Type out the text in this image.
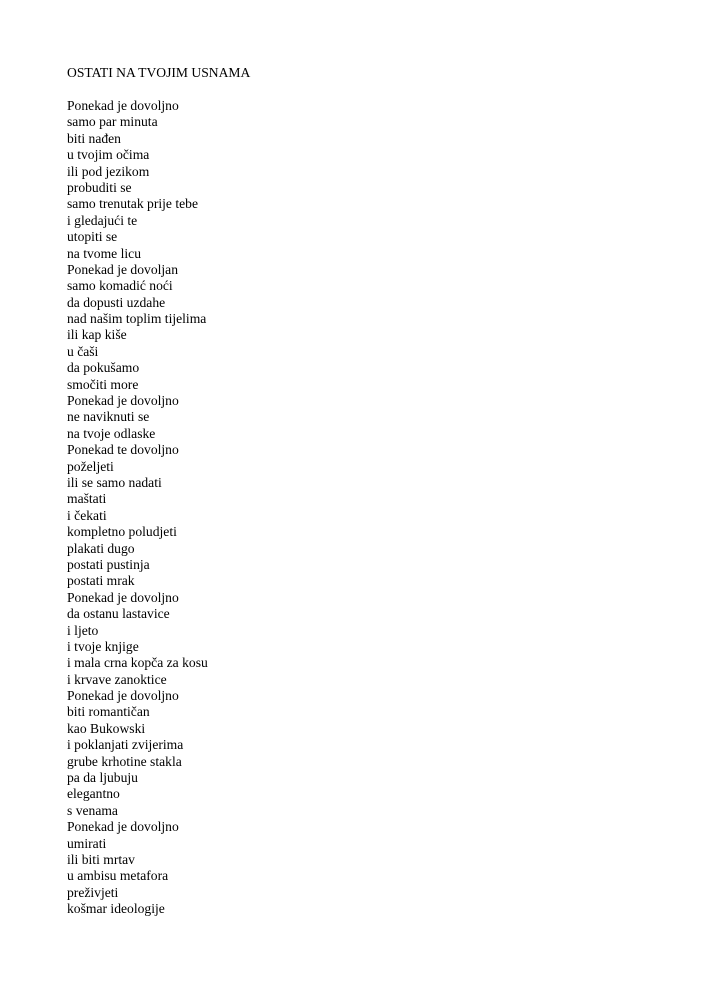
OSTATI NA TVOJIM USNAMA
Ponekad je dovoljno
samo par minuta
biti nađen
u tvojim očima
ili pod jezikom
probuditi se
samo trenutak prije tebe
i gledajući te
utopiti se
na tvome licu
Ponekad je dovoljan
samo komadić noći
da dopusti uzdahe
nad našim toplim tijelima
ili kap kiše
u čaši
da pokušamo
smočiti more
Ponekad je dovoljno
ne naviknuti se
na tvoje odlaske
Ponekad te dovoljno
poželjeti
ili se samo nadati
maštati
i čekati
kompletno poludjeti
plakati dugo
postati pustinja
postati mrak
Ponekad je dovoljno
da ostanu lastavice
i ljeto
i tvoje knjige
i mala crna kopča za kosu
i krvave zanoktice
Ponekad je dovoljno
biti romantičan
kao Bukowski
i poklanjati zvijerima
grube krhotine stakla
pa da ljubuju
elegantno
s venama
Ponekad je dovoljno
umirati
ili biti mrtav
u ambisu metafora
preživjeti
košmar ideologije
